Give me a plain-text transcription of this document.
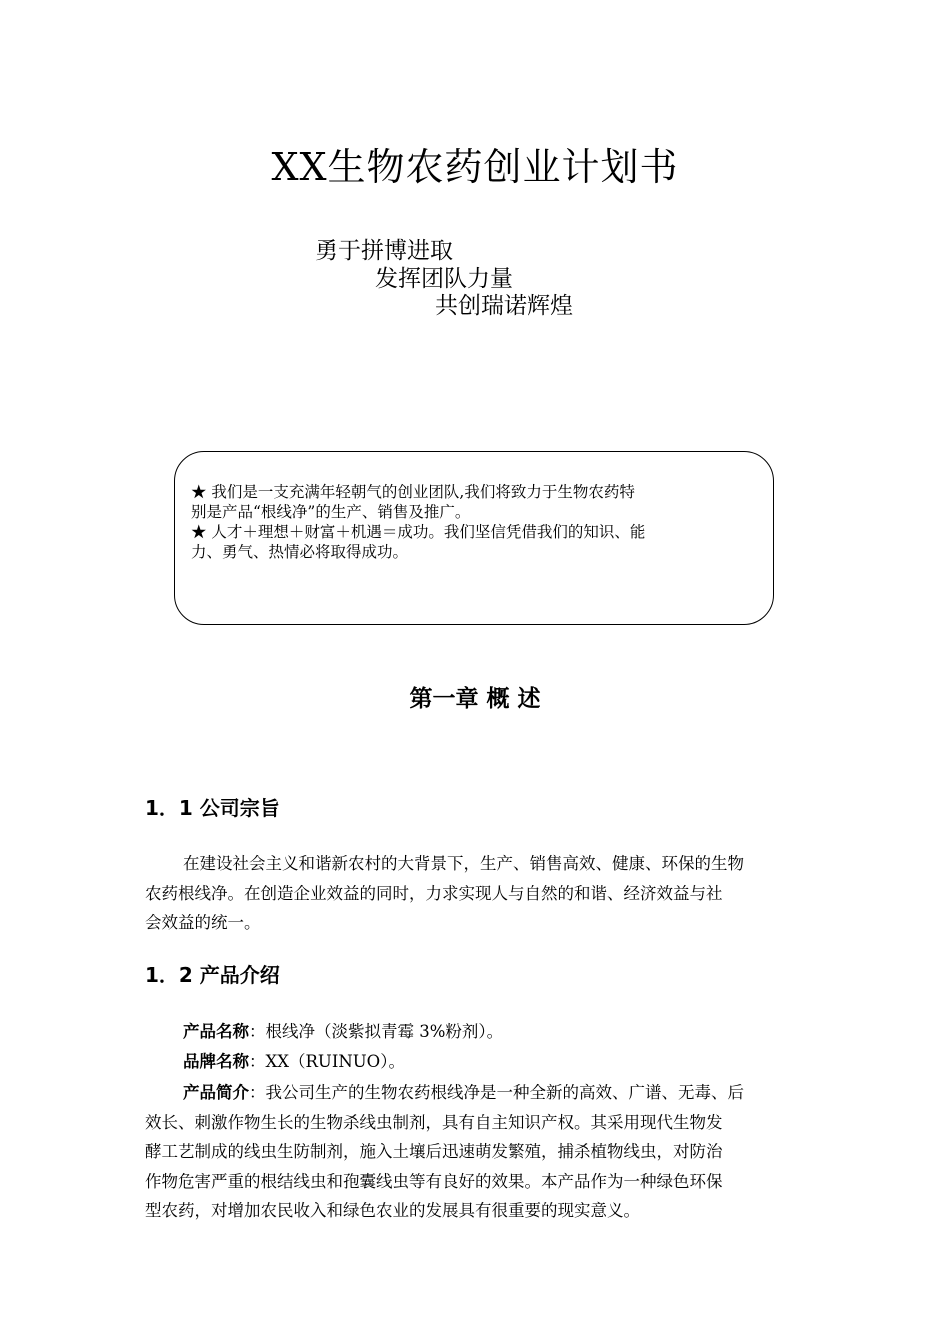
XX生物农药创业计划书
勇于拼博进取
发挥团队力量
共创瑞诺辉煌
★ 我们是一支充满年轻朝气的创业团队,我们将致力于生物农药特
别是产品“根线净”的生产、销售及推广。
★ 人才＋理想＋财富＋机遇＝成功。我们坚信凭借我们的知识、能
力、勇气、热情必将取得成功。
第一章 概 述
1．1 公司宗旨
在建设社会主义和谐新农村的大背景下，生产、销售高效、健康、环保的生物
农药根线净。在创造企业效益的同时，力求实现人与自然的和谐、经济效益与社
会效益的统一。
1．2 产品介绍
产品名称：根线净（淡紫拟青霉 3%粉剂）。
品牌名称：XX（RUINUO）。
产品简介：我公司生产的生物农药根线净是一种全新的高效、广谱、无毒、后
效长、刺激作物生长的生物杀线虫制剂，具有自主知识产权。其采用现代生物发
酵工艺制成的线虫生防制剂，施入土壤后迅速萌发繁殖，捕杀植物线虫，对防治
作物危害严重的根结线虫和孢囊线虫等有良好的效果。本产品作为一种绿色环保
型农药，对增加农民收入和绿色农业的发展具有很重要的现实意义。
